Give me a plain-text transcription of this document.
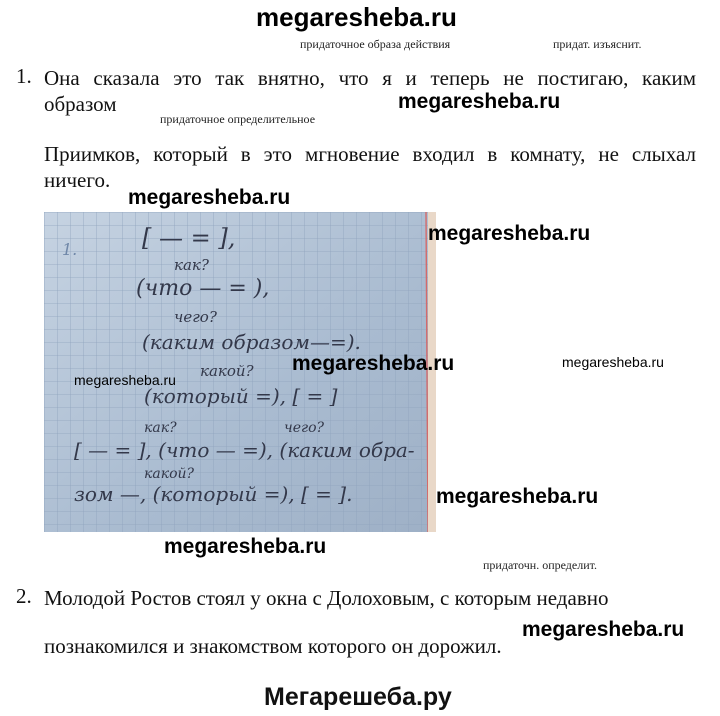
megaresheba.ru
придаточное образа действия	придат. изъяснит.
1. Она сказала это так внятно, что я и теперь не постигаю, каким
образом	megaresheba.ru
придаточное определительное
Приимков, который в это мгновение входил в комнату, не слыхал
ничего.
megaresheba.ru
1.	[ — = ],
как?
(что — = ),
чего?
(каким образом—=).
какой?
(который =), [ = ]
как?	чего?
[ — = ], (что — =), (каким обра-
какой?
зом —, (который =), [ = ].
megaresheba.ru
megaresheba.ru
megaresheba.ru
megaresheba.ru
megaresheba.ru
megaresheba.ru
придаточн. определит.
2. Молодой Ростов стоял у окна с Долоховым, с которым недавно
megaresheba.ru
познакомился и знакомством которого он дорожил.
Мегарешеба.ру
